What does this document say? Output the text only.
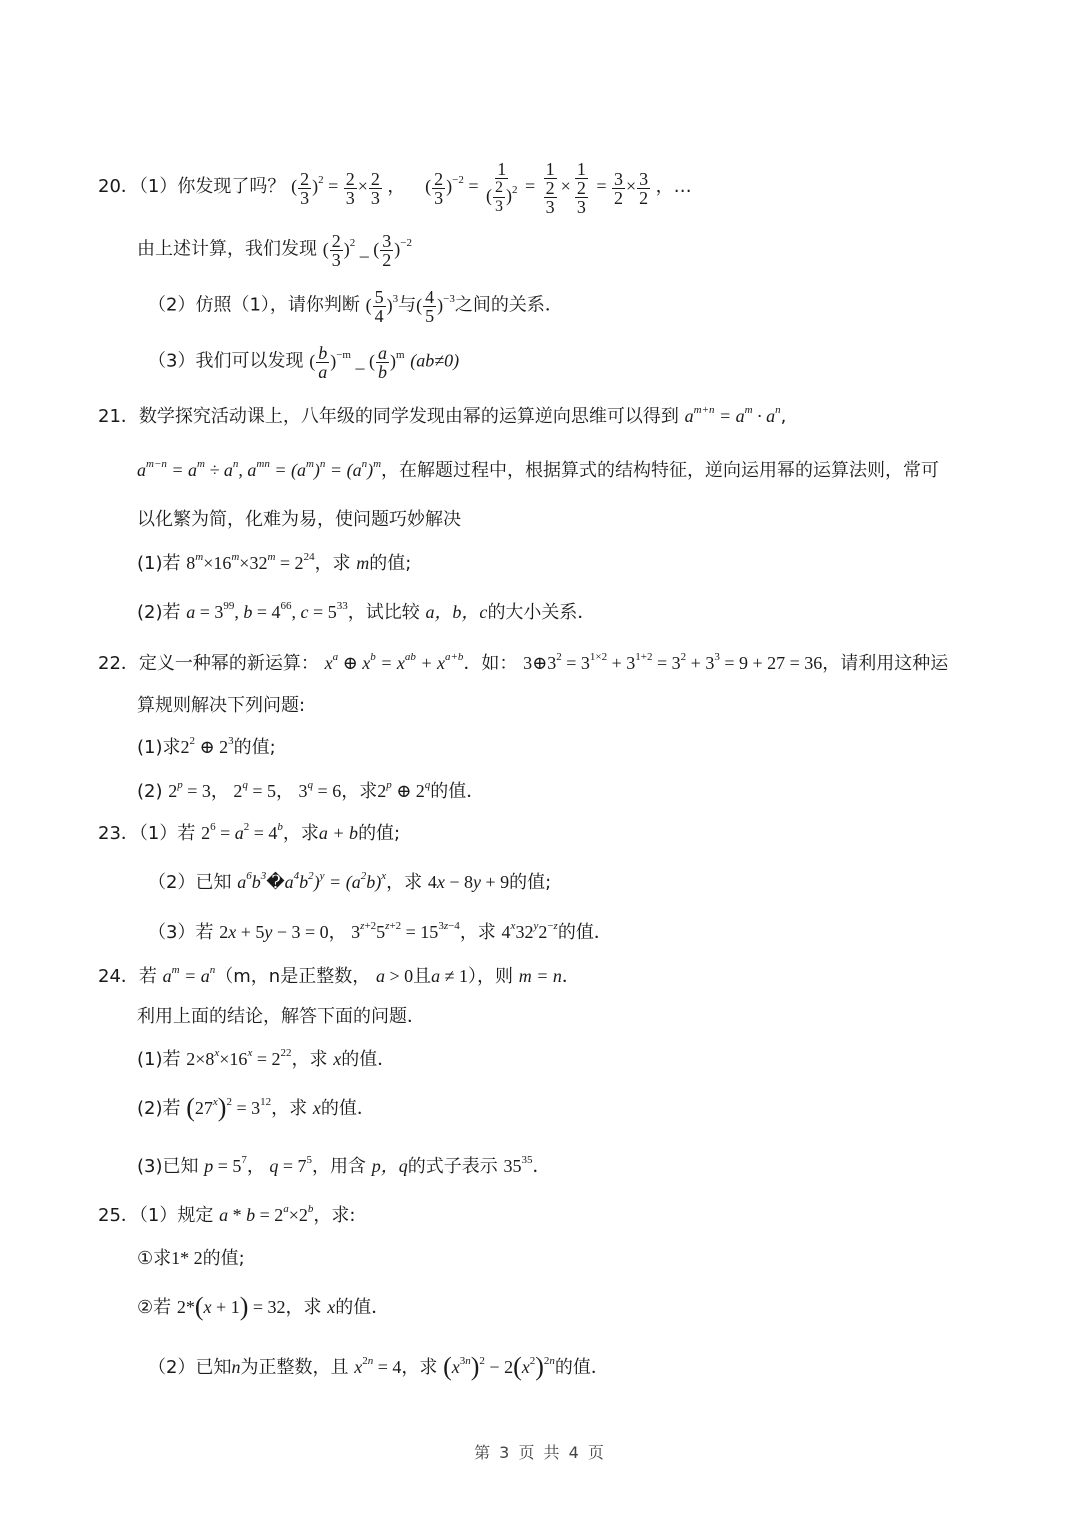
20．（1）你发现了吗？ ( $\frac{2}{3} )^2 = \frac{2}{3} \times \frac{2}{3}$ ， ( $\frac{2}{3} )^{-2} = \frac{1}{( \frac{2}{3} )^2} = \frac{1}{\frac{2}{3}} \times \frac{1}{\frac{2}{3}} = \frac{3}{2} \times \frac{3}{2}$ ，…
由上述计算，我们发现 ( $\frac{2}{3} )^2$ _ ( $\frac{3}{2} )^{-2}$
（2）仿照（1），请你判断 ( $\frac{5}{4} )^3$与( $\frac{4}{5} )^{-3}$之间的关系．
（3）我们可以发现 ( $\frac{b}{a} )^{-m}$ _ ( $\frac{a}{b} )^m$ (ab≠0)
21．数学探究活动课上，八年级的同学发现由幂的运算逆向思维可以得到 $a^{m+n} = a^m \cdot a^n$,
$a^{m-n} = a^m \div a^n$, $a^{mn} = (a^m)^n = (a^n)^m$，在解题过程中，根据算式的结构特征，逆向运用幂的运算法则，常可
以化繁为简，化难为易，使问题巧妙解决
(1)若 $8^m\times 16^m\times 32^m = 2^{24}$，求 m的值;
(2)若 $a = 3^{99}$, $b = 4^{66}$, $c = 5^{33}$，试比较 a，b，c的大小关系．
22．定义一种幂的新运算： $x^a$ ⊕ $x^b = x^{ab} + x^{a+b}$．如： $3\oplus 3^2 = 3^{1\times 2} + 3^{1+2} = 3^2 + 3^3 = 9 + 27 = 36$，请利用这种运
算规则解决下列问题:
(1)求$2^2$ ⊕ $2^3$的值;
(2) $2^p = 3$， $2^q = 5$， $3^q = 6$，求2$^p$ ⊕ 2$^q$的值．
23．（1）若 $2^6 = a^2 = 4^b$，求a + b的值;
（2）已知 $a^6b^3�a^4b^2)^y = (a^2b)^x$，求 4x − 8y + 9的值;
（3）若 2x + 5y − 3 = 0， $3^{z+2}5^{z+2} = 15^{3z-4}$，求 $4^x32^y2^{-z}$的值．
24．若 $a^m = a^n(m$，n是正整数， a > 0且a ≠ 1），则 m = n．
利用上面的结论，解答下面的问题．
(1)若 $2\times 8^x\times 16^x = 2^{22}$，求 x的值．
(2)若 $(27^x)^2 = 3^{12}$，求 x的值．
(3)已知 $p = 5^7$， $q = 7^5$，用含 p，q的式子表示 $35^{35}$．
25．（1）规定 $a * b = 2^a\times 2^b$，求:
①求1* 2的值;
②若 2*(x + 1) = 32，求 x的值．
（2）已知n为正整数，且 $x^{2n} = 4$，求 $(x^{3n})^2 - 2(x^2)^{2n}$的值．
第 3 页 共 4 页
